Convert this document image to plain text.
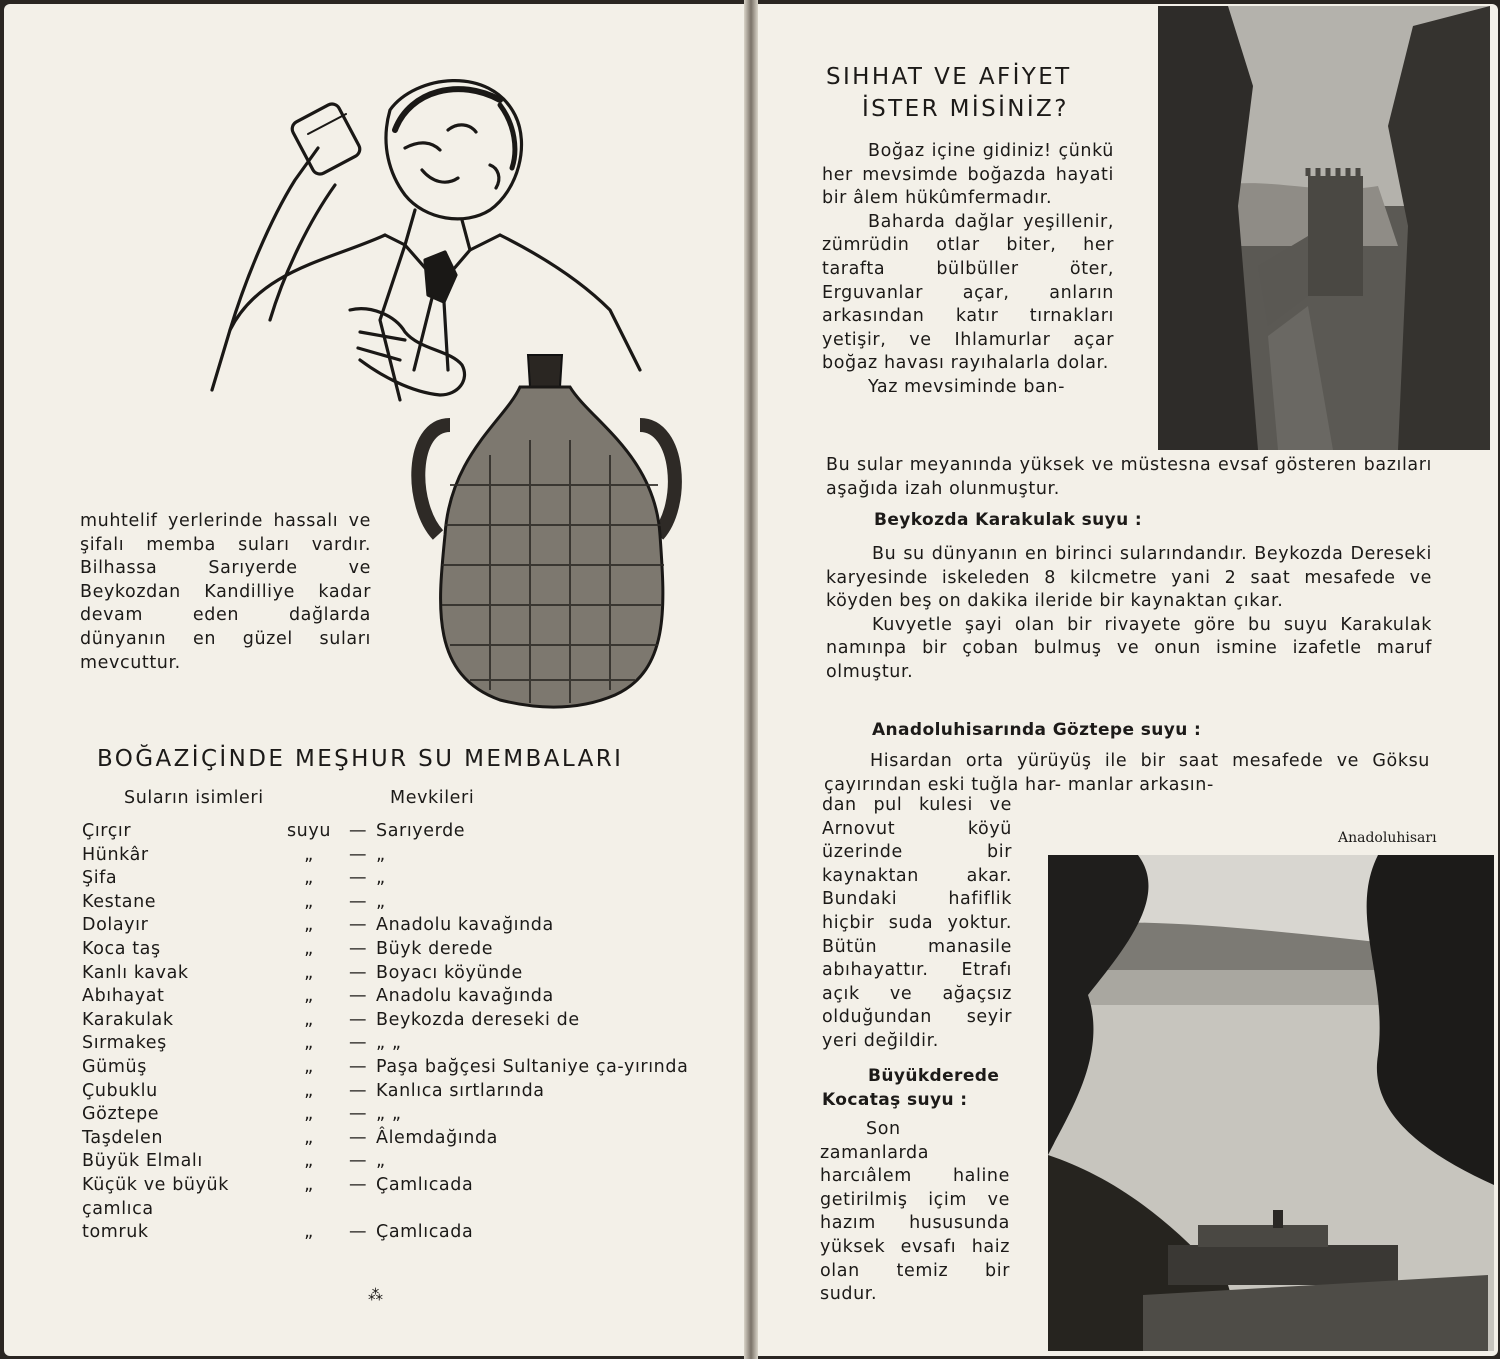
muhtelif yerlerinde hassalı ve şifalı memba suları vardır. Bilhassa Sarıyerde ve Beykozdan Kandilliye kadar devam eden dağlarda dünyanın en güzel suları mevcuttur.
BOĞAZİÇİNDE MEŞHUR SU MEMBALARI
Suların isimleri	Mevkileri
Çırçır	suyu	—	Sarıyerde
Hünkâr	„	—	„
Şifa	„	—	„
Kestane	„	—	„
Dolayır	„	—	Anadolu kavağında
Koca taş	„	—	Büyk derede
Kanlı kavak	„	—	Boyacı köyünde
Abıhayat	„	—	Anadolu kavağında
Karakulak	„	—	Beykozda dereseki de
Sırmakeş	„	—	„ „
Gümüş	„	—	Paşa bağçesi Sultaniye ça-yırında
Çubuklu	„	—	Kanlıca sırtlarında
Göztepe	„	—	„ „
Taşdelen	„	—	Âlemdağında
Büyük Elmalı	„	—	„
Küçük ve büyük çamlıca	„	—	Çamlıcada
tomruk	„	—	Çamlıcada
⁂
SIHHAT VE AFİYET
İSTER MİSİNİZ?

Boğaz içine gidiniz! çünkü her mevsimde boğazda hayati bir âlem hükûmfermadır.

Baharda dağlar yeşillenir, zümrüdin otlar biter, her tarafta bülbüller öter, Erguvanlar açar, anların arkasından katır tırnakları yetişir, ve Ihlamurlar açar boğaz havası rayıhalarla dolar.

Yaz mevsiminde ban-

Bu sular meyanında yüksek ve müstesna evsaf gösteren bazıları aşağıda izah olunmuştur.
Beykozda Karakulak suyu :

Bu su dünyanın en birinci sularındandır. Beykozda Dereseki karyesinde iskeleden 8 kilcmetre yani 2 saat mesafede ve köyden beş on dakika ileride bir kaynaktan çıkar.

Kuvyetle şayi olan bir rivayete göre bu suyu Karakulak namınpa bir çoban bulmuş ve onun ismine izafetle maruf olmuştur.

Anadoluhisarında Göztepe suyu :

Hisardan orta yürüyüş ile bir saat mesafede ve Göksu çayırından eski tuğla har- manlar arkasın-

dan pul kulesi ve Arnovut köyü üzerinde bir kaynaktan akar. Bundaki hafiflik hiçbir suda yoktur. Bütün manasile abıhayattır. Etrafı açık ve ağaçsız olduğundan seyir yeri değildir.
Anadoluhisarı
Büyükderede
Kocataş suyu :

Son zamanlarda harcıâlem haline getirilmiş içim ve hazım hususunda yüksek evsafı haiz olan temiz bir sudur.
